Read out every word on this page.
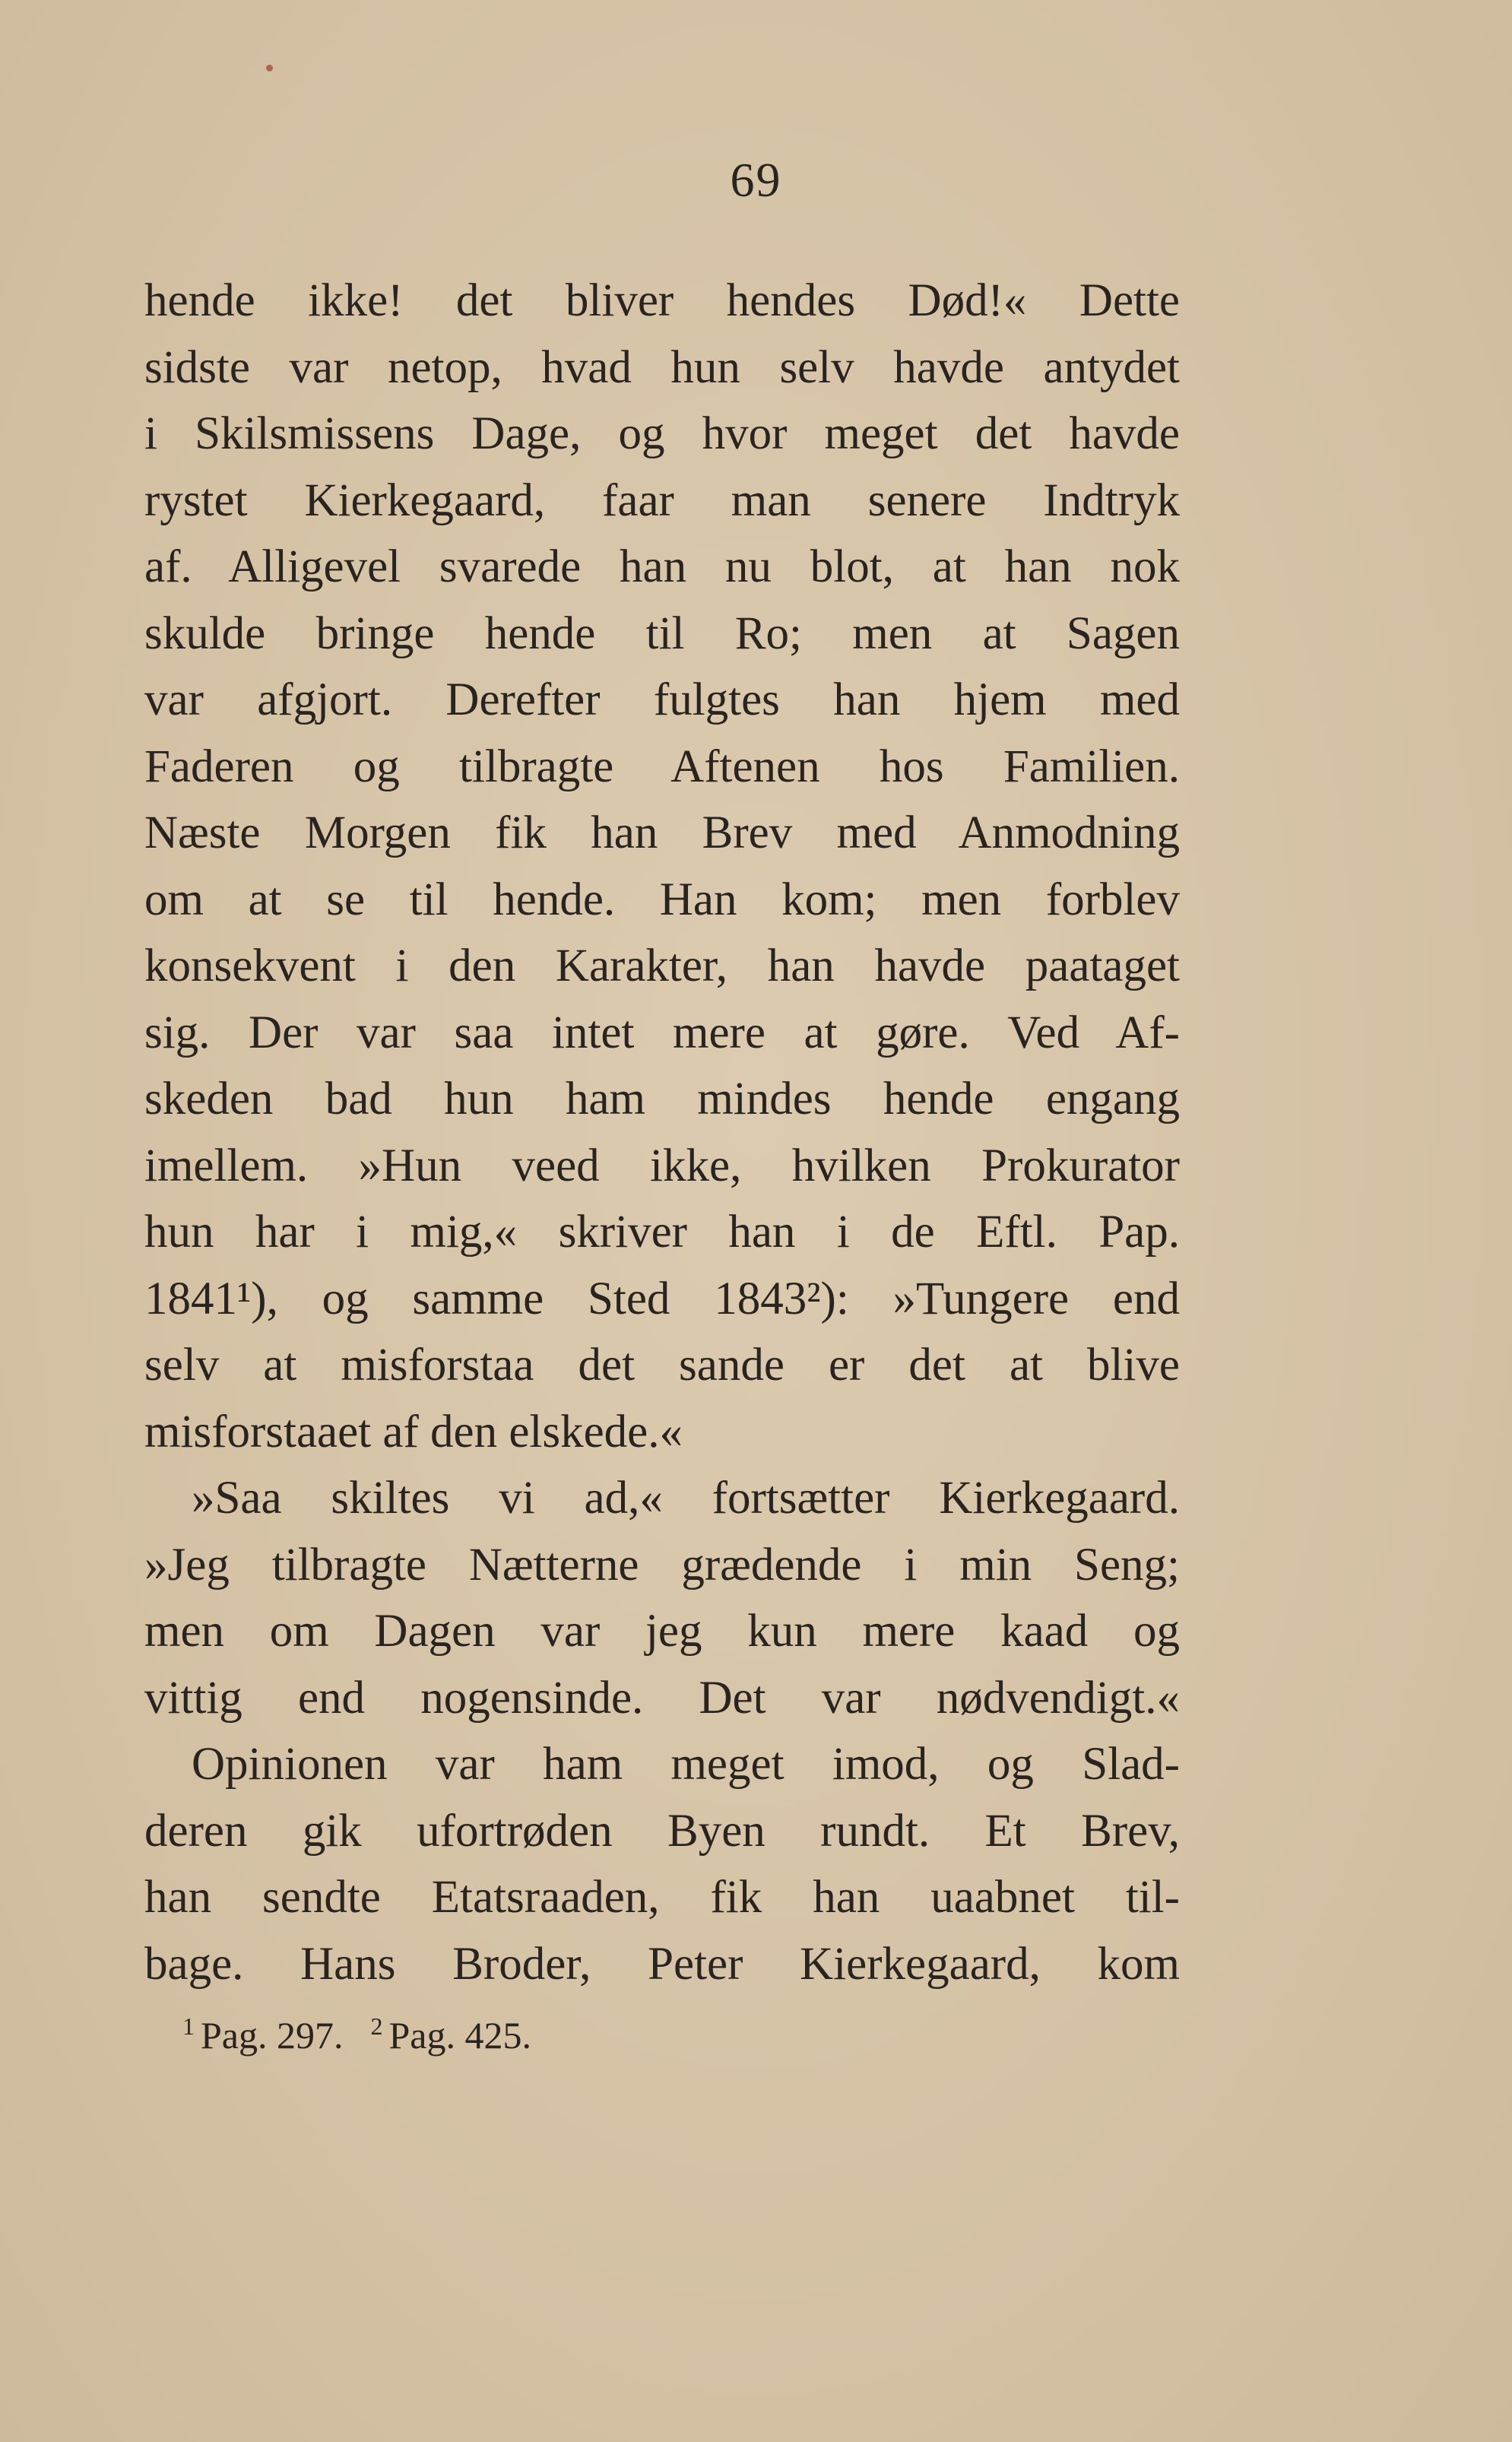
69
hende ikke! det bliver hendes Død!« Dette
sidste var netop, hvad hun selv havde antydet
i Skilsmissens Dage, og hvor meget det havde
rystet Kierkegaard, faar man senere Indtryk
af. Alligevel svarede han nu blot, at han nok
skulde bringe hende til Ro; men at Sagen
var afgjort. Derefter fulgtes han hjem med
Faderen og tilbragte Aftenen hos Familien.
Næste Morgen fik han Brev med Anmodning
om at se til hende. Han kom; men forblev
konsekvent i den Karakter, han havde paataget
sig. Der var saa intet mere at gøre. Ved Af-
skeden bad hun ham mindes hende engang
imellem. »Hun veed ikke, hvilken Prokurator
hun har i mig,« skriver han i de Eftl. Pap.
1841¹), og samme Sted 1843²): »Tungere end
selv at misforstaa det sande er det at blive
misforstaaet af den elskede.«
»Saa skiltes vi ad,« fortsætter Kierkegaard.
»Jeg tilbragte Nætterne grædende i min Seng;
men om Dagen var jeg kun mere kaad og
vittig end nogensinde. Det var nødvendigt.«
Opinionen var ham meget imod, og Slad-
deren gik ufortrøden Byen rundt. Et Brev,
han sendte Etatsraaden, fik han uaabnet til-
bage. Hans Broder, Peter Kierkegaard, kom
$^1$ Pag. 297. $^2$ Pag. 425.
